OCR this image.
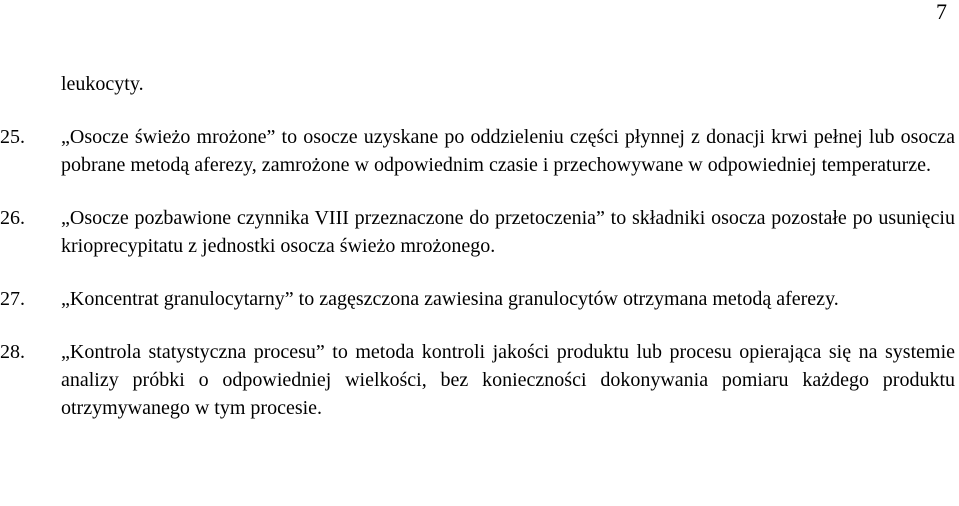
7

leukocyty.

25. „Osocze świeżo mrożone” to osocze uzyskane po oddzieleniu części płynnej z donacji krwi pełnej lub osocza pobrane metodą aferezy, zamrożone w odpowiednim czasie i przechowywane w odpowiedniej temperaturze.

26. „Osocze pozbawione czynnika VIII przeznaczone do przetoczenia” to składniki osocza pozostałe po usunięciu krioprecypitatu z jednostki osocza świeżo mrożonego.

27. „Koncentrat granulocytarny” to zagęszczona zawiesina granulocytów otrzymana metodą aferezy.

28. „Kontrola statystyczna procesu” to metoda kontroli jakości produktu lub procesu opierająca się na systemie analizy próbki o odpowiedniej wielkości, bez konieczności dokonywania pomiaru każdego produktu otrzymywanego w tym procesie.
